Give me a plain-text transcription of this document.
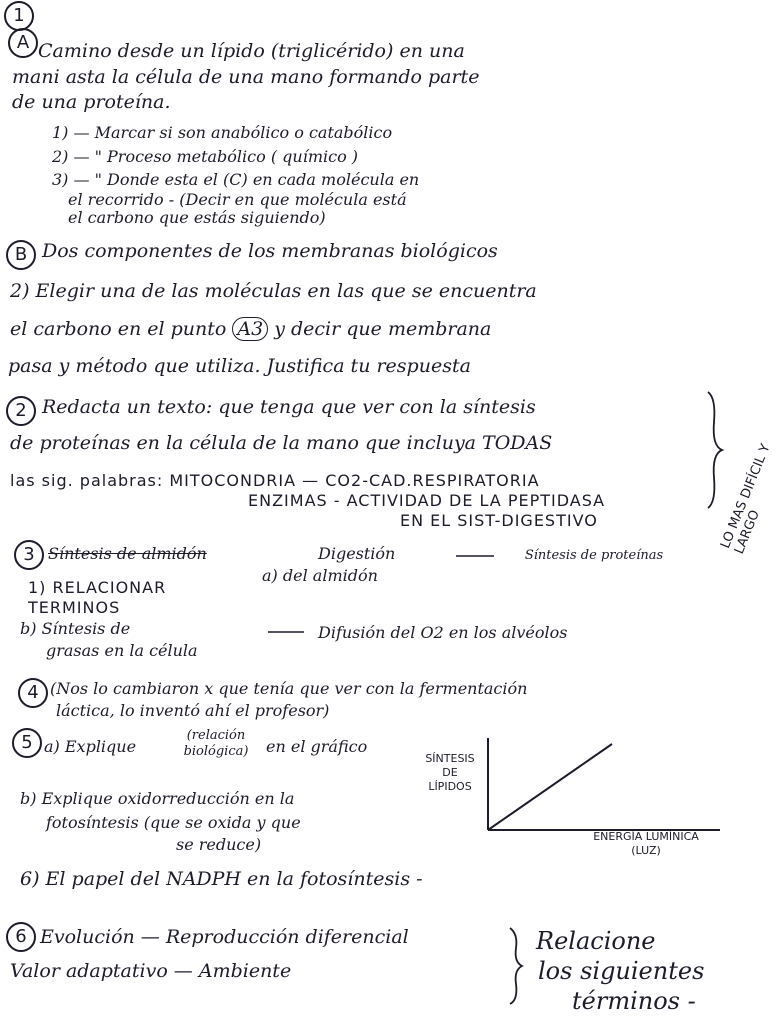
1
A Camino desde un lípido (triglicérido) en una
mani asta la célula de una mano formando parte
de una proteína.
1) — Marcar si son anabólico o catabólico
2) — " Proceso metabólico ( químico )
3) — " Donde esta el (C) en cada molécula en
el recorrido - (Decir en que molécula está
el carbono que estás siguiendo)
B Dos componentes de los membranas biológicos
2) Elegir una de las moléculas en las que se encuentra
el carbono en el punto A3 y decir que membrana
pasa y método que utiliza. Justifica tu respuesta
2 Redacta un texto: que tenga que ver con la síntesis
de proteínas en la célula de la mano que incluya TODAS
las sig. palabras: MITOCONDRIA — CO2-CAD.RESPIRATORIA
ENZIMAS - ACTIVIDAD DE LA PEPTIDASA
EN EL SIST-DIGESTIVO	LO MAS DIFÍCIL Y LARGO
3 Síntesis de almidón	Digestión
a) del almidón
Síntesis de proteínas
1) RELACIONAR TERMINOS
b) Síntesis de
grasas en la célula
Difusión del O2 en los alvéolos
4 (Nos lo cambiaron x que tenía que ver con la fermentación
láctica, lo inventó ahí el profesor)
5 a) Explique
(relación biológica)	en el gráfico
b) Explique oxidorreducción en la
fotosíntesis (que se oxida y que
se reduce)
SÍNTESIS
DE
LÍPIDOS
ENERGÍA LUMÍNICA
(LUZ)
6) El papel del NADPH en la fotosíntesis -
6 Evolución — Reproducción diferencial
Valor adaptativo — Ambiente
Relacione
los siguientes
términos -
